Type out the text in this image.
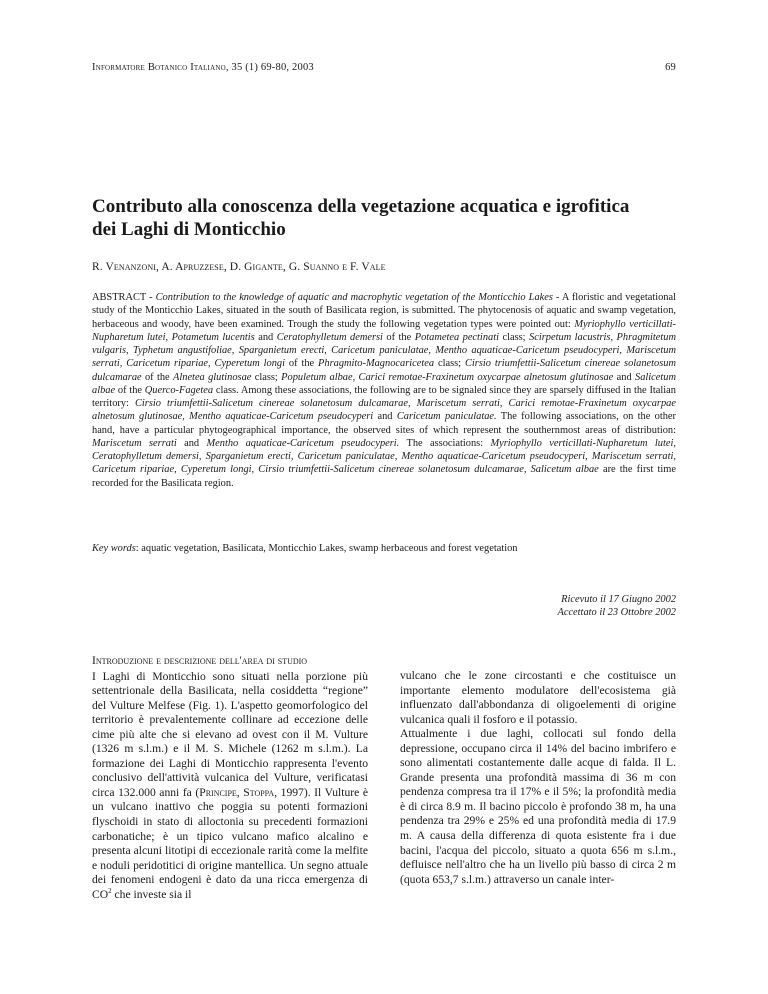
Informatore Botanico Italiano, 35 (1) 69-80, 2003	69
Contributo alla conoscenza della vegetazione acquatica e igrofitica
dei Laghi di Monticchio
R. Venanzoni, A. Apruzzese, D. Gigante, G. Suanno e F. Vale
ABSTRACT - Contribution to the knowledge of aquatic and macrophytic vegetation of the Monticchio Lakes - A floristic and vegetational study of the Monticchio Lakes, situated in the south of Basilicata region, is submitted. The phytocenosis of aquatic and swamp vegetation, herbaceous and woody, have been examined. Trough the study the following vegetation types were pointed out: Myriophyllo verticillati-Nupharetum lutei, Potametum lucentis and Ceratophylletum demersi of the Potametea pectinati class; Scirpetum lacustris, Phragmitetum vulgaris, Typhetum angustifoliae, Sparganietum erecti, Caricetum paniculatae, Mentho aquaticae-Caricetum pseudocyperi, Mariscetum serrati, Caricetum ripariae, Cyperetum longi of the Phragmito-Magnocaricetea class; Cirsio triumfettii-Salicetum cinereae solanetosum dulcamarae of the Alnetea glutinosae class; Populetum albae, Carici remotae-Fraxinetum oxycarpae alnetosum glutinosae and Salicetum albae of the Querco-Fagetea class. Among these associations, the following are to be signaled since they are sparsely diffused in the Italian territory: Cirsio triumfettii-Salicetum cinereae solanetosum dulcamarae, Mariscetum serrati, Carici remotae-Fraxinetum oxycarpae alnetosum glutinosae, Mentho aquaticae-Caricetum pseudocyperi and Caricetum paniculatae. The following associations, on the other hand, have a particular phytogeographical importance, the observed sites of which represent the southernmost areas of distribution: Mariscetum serrati and Mentho aquaticae-Caricetum pseudocyperi. The associations: Myriophyllo verticillati-Nupharetum lutei, Ceratophylletum demersi, Sparganietum erecti, Caricetum paniculatae, Mentho aquaticae-Caricetum pseudocyperi, Mariscetum serrati, Caricetum ripariae, Cyperetum longi, Cirsio triumfettii-Salicetum cinereae solanetosum dulcamarae, Salicetum albae are the first time recorded for the Basilicata region.
Key words: aquatic vegetation, Basilicata, Monticchio Lakes, swamp herbaceous and forest vegetation
Ricevuto il 17 Giugno 2002
Accettato il 23 Ottobre 2002
Introduzione e descrizione dell'area di studio

I Laghi di Monticchio sono situati nella porzione più settentrionale della Basilicata, nella cosiddetta “regione” del Vulture Melfese (Fig. 1). L'aspetto geomorfologico del territorio è prevalentemente collinare ad eccezione delle cime più alte che si elevano ad ovest con il M. Vulture (1326 m s.l.m.) e il M. S. Michele (1262 m s.l.m.). La formazione dei Laghi di Monticchio rappresenta l'evento conclusivo dell'attività vulcanica del Vulture, verificatasi circa 132.000 anni fa (Principe, Stoppa, 1997). Il Vulture è un vulcano inattivo che poggia su potenti formazioni flyschoidi in stato di alloctonia su precedenti formazioni carbonatiche; è un tipico vulcano mafico alcalino e presenta alcuni litotipi di eccezionale rarità come la melfite e noduli peridotitici di origine mantellica. Un segno attuale dei fenomeni endogeni è dato da una ricca emergenza di $CO^2$ che investe sia il

vulcano che le zone circostanti e che costituisce un importante elemento modulatore dell'ecosistema già influenzato dall'abbondanza di oligoelementi di origine vulcanica quali il fosforo e il potassio.

Attualmente i due laghi, collocati sul fondo della depressione, occupano circa il 14% del bacino imbrifero e sono alimentati costantemente dalle acque di falda. Il L. Grande presenta una profondità massima di 36 m con pendenza compresa tra il 17% e il 5%; la profondità media è di circa 8.9 m. Il bacino piccolo è profondo 38 m, ha una pendenza tra 29% e 25% ed una profondità media di 17.9 m. A causa della differenza di quota esistente fra i due bacini, l'acqua del piccolo, situato a quota 656 m s.l.m., defluisce nell'altro che ha un livello più basso di circa 2 m (quota 653,7 s.l.m.) attraverso un canale inter-
